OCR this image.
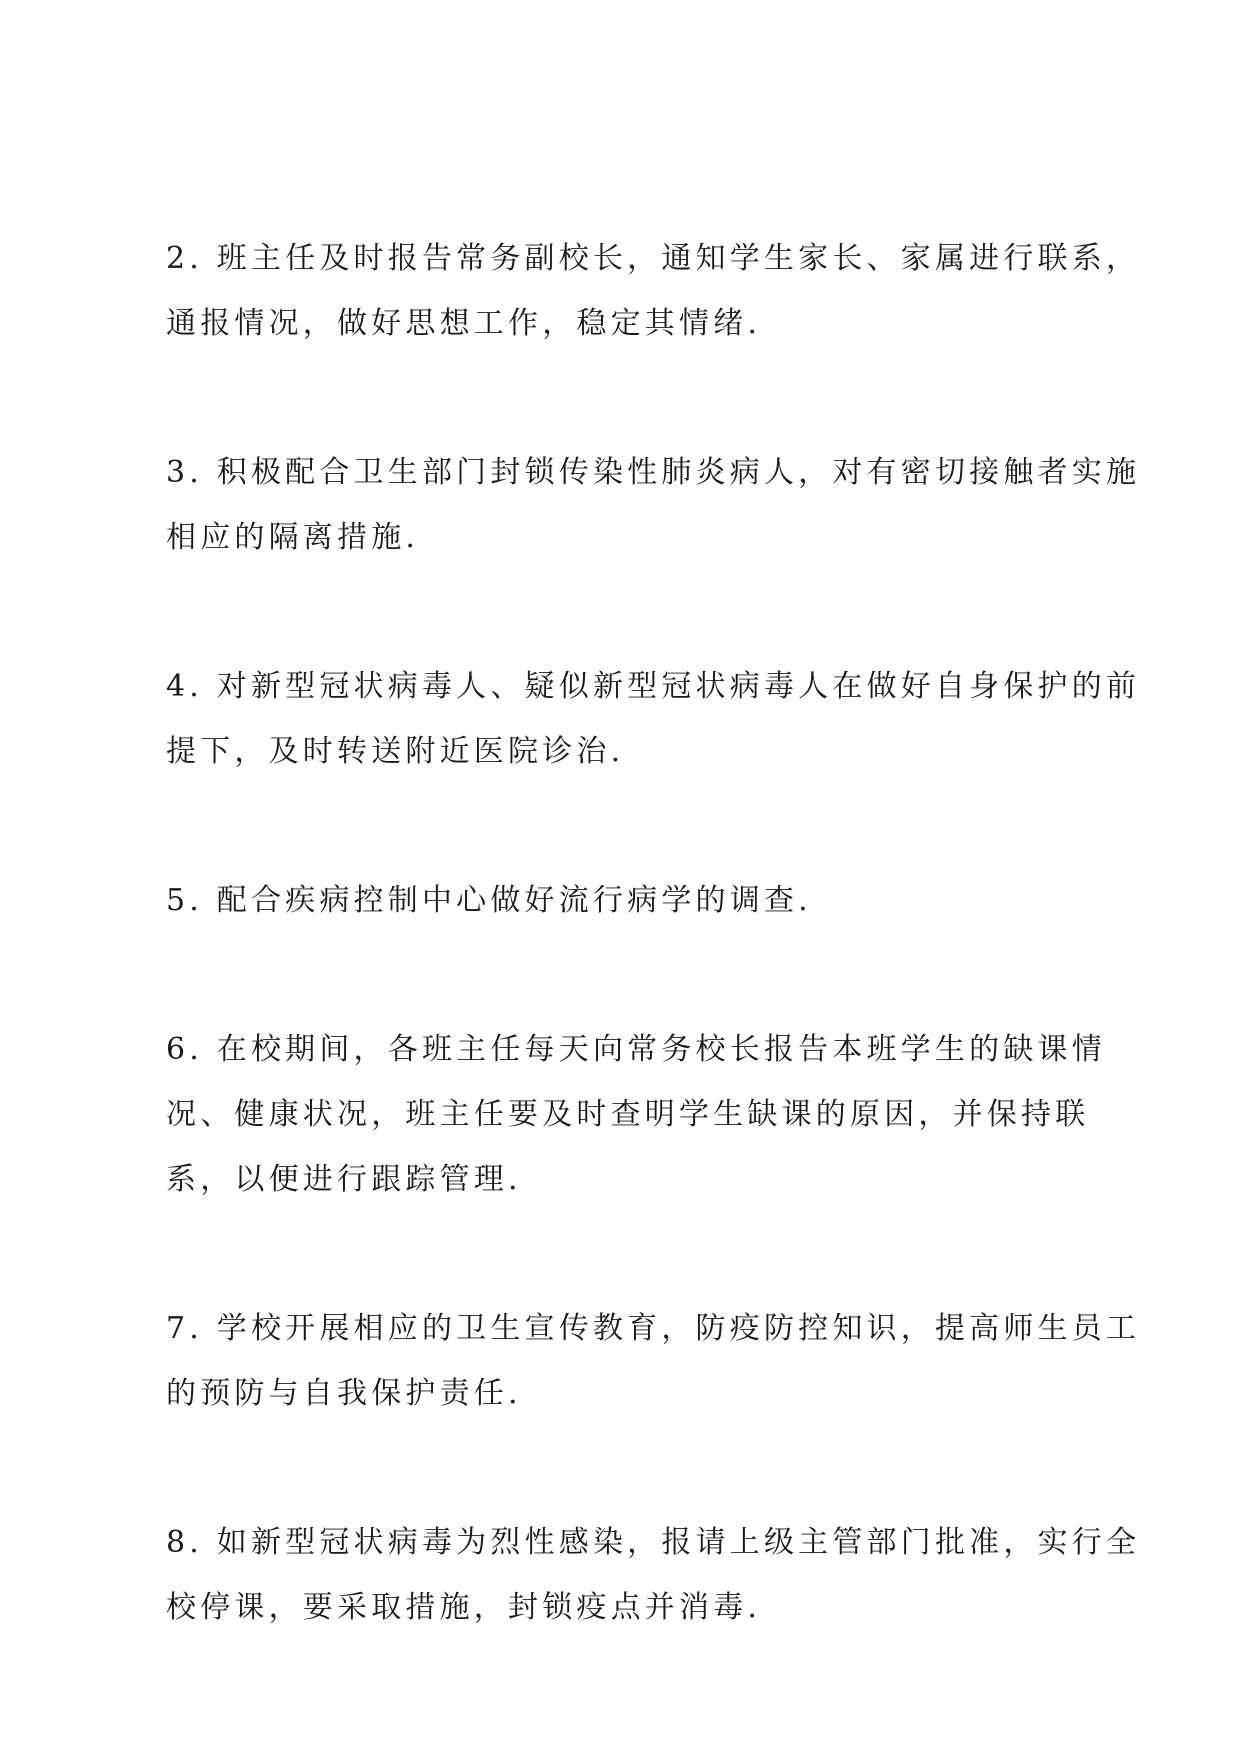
2. 班主任及时报告常务副校长，通知学生家长、家属进行联系，
通报情况，做好思想工作，稳定其情绪.

3. 积极配合卫生部门封锁传染性肺炎病人，对有密切接触者实施
相应的隔离措施.

4. 对新型冠状病毒人、疑似新型冠状病毒人在做好自身保护的前
提下，及时转送附近医院诊治.

5. 配合疾病控制中心做好流行病学的调查.

6. 在校期间，各班主任每天向常务校长报告本班学生的缺课情
况、健康状况，班主任要及时查明学生缺课的原因，并保持联
系，以便进行跟踪管理.

7. 学校开展相应的卫生宣传教育，防疫防控知识，提高师生员工
的预防与自我保护责任.

8. 如新型冠状病毒为烈性感染，报请上级主管部门批准，实行全
校停课，要采取措施，封锁疫点并消毒.
